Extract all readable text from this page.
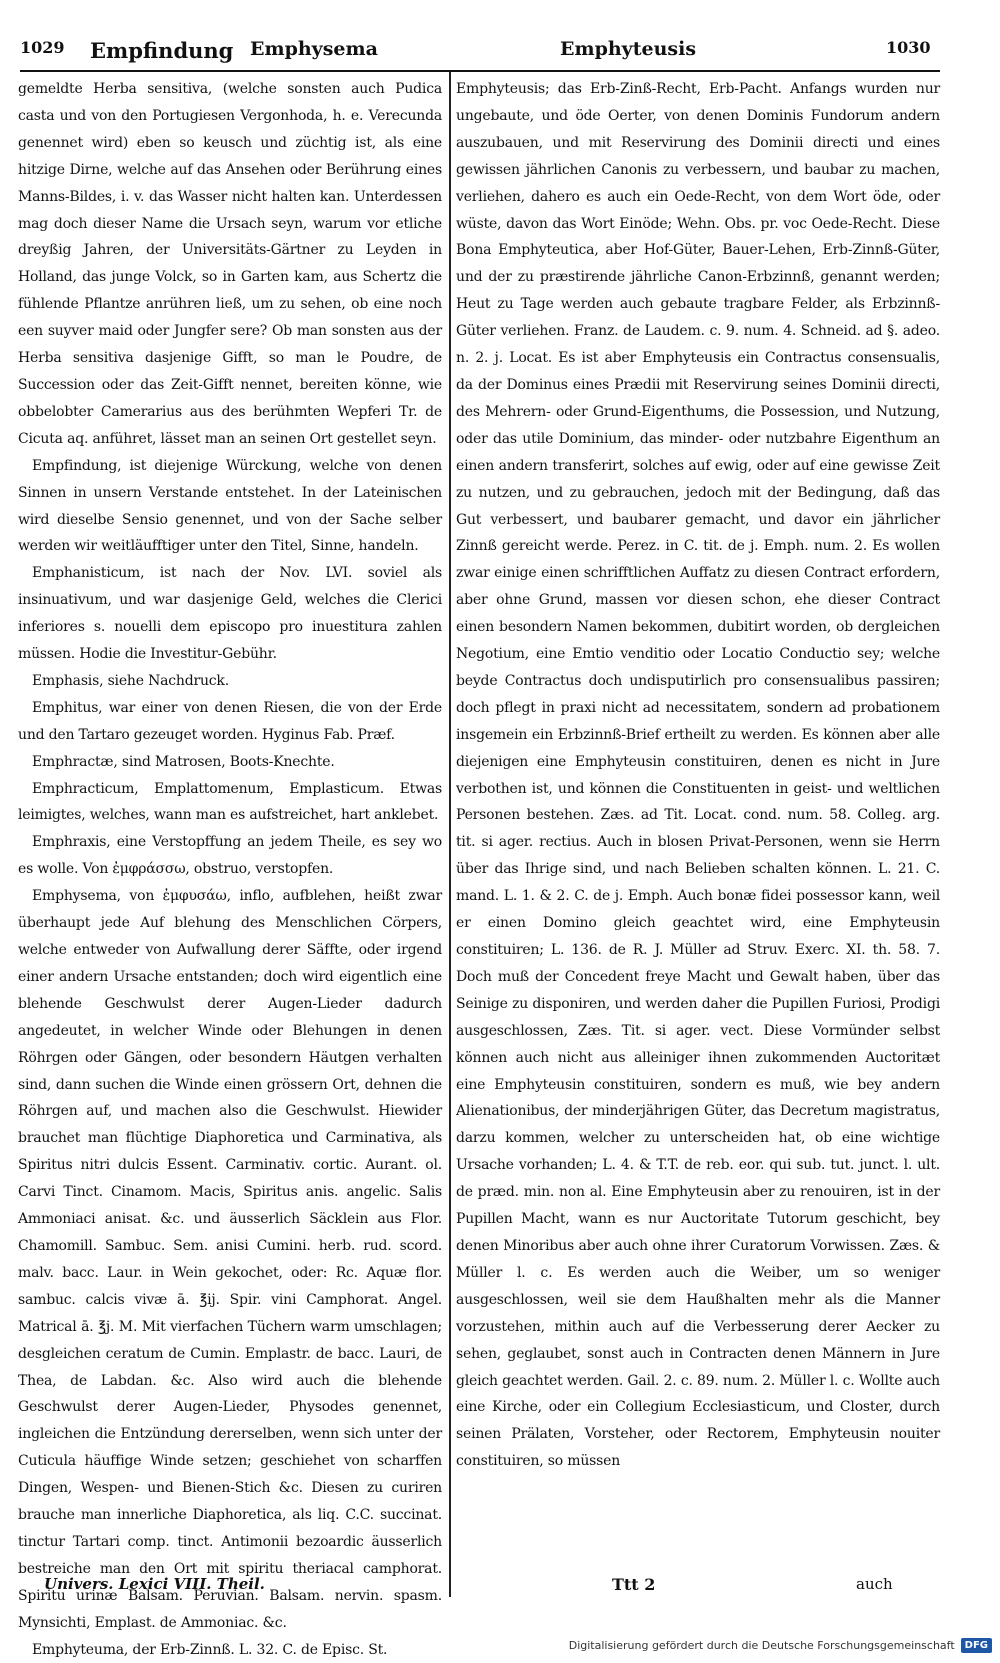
1029 Empfindung Emphysema	Emphyteusis	1030

gemeldte Herba sensitiva, (welche sonsten auch Pudica casta und von den Portugiesen Vergonhoda, h. e. Verecunda genennet wird) eben so keusch und züchtig ist, als eine hitzige Dirne, welche auf das Ansehen oder Berührung eines Manns-Bildes, i. v. das Wasser nicht halten kan. Unterdessen mag doch dieser Name die Ursach seyn, warum vor etliche dreyßig Jahren, der Universitäts-Gärtner zu Leyden in Holland, das junge Volck, so in Garten kam, aus Schertz die fühlende Pflantze anrühren ließ, um zu sehen, ob eine noch een suyver maid oder Jungfer sere? Ob man sonsten aus der Herba sensitiva dasjenige Gifft, so man le Poudre, de Succession oder das Zeit-Gifft nennet, bereiten könne, wie obbelobter Camerarius aus des berühmten Wepferi Tr. de Cicuta aq. anführet, lässet man an seinen Ort gestellet seyn.

Empfindung, ist diejenige Würckung, welche von denen Sinnen in unsern Verstande entstehet. In der Lateinischen wird dieselbe Sensio genennet, und von der Sache selber werden wir weitläufftiger unter den Titel, Sinne, handeln.

Emphanisticum, ist nach der Nov. LVI. soviel als insinuativum, und war dasjenige Geld, welches die Clerici inferiores s. nouelli dem episcopo pro inuestitura zahlen müssen. Hodie die Investitur-Gebühr.

Emphasis, siehe Nachdruck.

Emphitus, war einer von denen Riesen, die von der Erde und den Tartaro gezeuget worden. Hyginus Fab. Præf.

Emphractæ, sind Matrosen, Boots-Knechte.

Emphracticum, Emplattomenum, Emplasticum. Etwas leimigtes, welches, wann man es aufstreichet, hart anklebet.

Emphraxis, eine Verstopffung an jedem Theile, es sey wo es wolle. Von ἐμφράσσω, obstruo, verstopfen.

Emphysema, von ἐμφυσάω, inflo, aufblehen, heißt zwar überhaupt jede Auf blehung des Menschlichen Cörpers, welche entweder von Aufwallung derer Säffte, oder irgend einer andern Ursache entstanden; doch wird eigentlich eine blehende Geschwulst derer Augen-Lieder dadurch angedeutet, in welcher Winde oder Blehungen in denen Röhrgen oder Gängen, oder besondern Häutgen verhalten sind, dann suchen die Winde einen grössern Ort, dehnen die Röhrgen auf, und machen also die Geschwulst. Hiewider brauchet man flüchtige Diaphoretica und Carminativa, als Spiritus nitri dulcis Essent. Carminativ. cortic. Aurant. ol. Carvi Tinct. Cinamom. Macis, Spiritus anis. angelic. Salis Ammoniaci anisat. &c. und äusserlich Säcklein aus Flor. Chamomill. Sambuc. Sem. anisi Cumini. herb. rud. scord. malv. bacc. Laur. in Wein gekochet, oder: Rc. Aquæ flor. sambuc. calcis vivæ ā. ℥ij. Spir. vini Camphorat. Angel. Matrical ā. ℥j. M. Mit vierfachen Tüchern warm umschlagen; desgleichen ceratum de Cumin. Emplastr. de bacc. Lauri, de Thea, de Labdan. &c. Also wird auch die blehende Geschwulst derer Augen-Lieder, Physodes genennet, ingleichen die Entzündung dererselben, wenn sich unter der Cuticula häuffige Winde setzen; geschiehet von scharffen Dingen, Wespen- und Bienen-Stich &c. Diesen zu curiren brauche man innerliche Diaphoretica, als liq. C.C. succinat. tinctur Tartari comp. tinct. Antimonii bezoardic äusserlich bestreiche man den Ort mit spiritu theriacal camphorat. Spiritu urinæ Balsam. Peruvian. Balsam. nervin. spasm. Mynsichti, Emplast. de Ammoniac. &c.

Emphyteuma, der Erb-Zinnß. L. 32. C. de Episc. St.

Emphyteusis; das Erb-Zinß-Recht, Erb-Pacht. Anfangs wurden nur ungebaute, und öde Oerter, von denen Dominis Fundorum andern auszubauen, und mit Reservirung des Dominii directi und eines gewissen jährlichen Canonis zu verbessern, und baubar zu machen, verliehen, dahero es auch ein Oede-Recht, von dem Wort öde, oder wüste, davon das Wort Einöde; Wehn. Obs. pr. voc Oede-Recht. Diese Bona Emphyteutica, aber Hof-Güter, Bauer-Lehen, Erb-Zinnß-Güter, und der zu præstirende jährliche Canon-Erbzinnß, genannt werden; Heut zu Tage werden auch gebaute tragbare Felder, als Erbzinnß-Güter verliehen. Franz. de Laudem. c. 9. num. 4. Schneid. ad §. adeo. n. 2. j. Locat. Es ist aber Emphyteusis ein Contractus consensualis, da der Dominus eines Prædii mit Reservirung seines Dominii directi, des Mehrern- oder Grund-Eigenthums, die Possession, und Nutzung, oder das utile Dominium, das minder- oder nutzbahre Eigenthum an einen andern transferirt, solches auf ewig, oder auf eine gewisse Zeit zu nutzen, und zu gebrauchen, jedoch mit der Bedingung, daß das Gut verbessert, und baubarer gemacht, und davor ein jährlicher Zinnß gereicht werde. Perez. in C. tit. de j. Emph. num. 2. Es wollen zwar einige einen schrifftlichen Auffatz zu diesen Contract erfordern, aber ohne Grund, massen vor diesen schon, ehe dieser Contract einen besondern Namen bekommen, dubitirt worden, ob dergleichen Negotium, eine Emtio venditio oder Locatio Conductio sey; welche beyde Contractus doch undisputirlich pro consensualibus passiren; doch pflegt in praxi nicht ad necessitatem, sondern ad probationem insgemein ein Erbzinnß-Brief ertheilt zu werden. Es können aber alle diejenigen eine Emphyteusin constituiren, denen es nicht in Jure verbothen ist, und können die Constituenten in geist- und weltlichen Personen bestehen. Zæs. ad Tit. Locat. cond. num. 58. Colleg. arg. tit. si ager. rectius. Auch in blosen Privat-Personen, wenn sie Herrn über das Ihrige sind, und nach Belieben schalten können. L. 21. C. mand. L. 1. & 2. C. de j. Emph. Auch bonæ fidei possessor kann, weil er einen Domino gleich geachtet wird, eine Emphyteusin constituiren; L. 136. de R. J. Müller ad Struv. Exerc. XI. th. 58. 7. Doch muß der Concedent freye Macht und Gewalt haben, über das Seinige zu disponiren, und werden daher die Pupillen Furiosi, Prodigi ausgeschlossen, Zæs. Tit. si ager. vect. Diese Vormünder selbst können auch nicht aus alleiniger ihnen zukommenden Auctoritæt eine Emphyteusin constituiren, sondern es muß, wie bey andern Alienationibus, der minderjährigen Güter, das Decretum magistratus, darzu kommen, welcher zu unterscheiden hat, ob eine wichtige Ursache vorhanden; L. 4. & T.T. de reb. eor. qui sub. tut. junct. l. ult. de præd. min. non al. Eine Emphyteusin aber zu renouiren, ist in der Pupillen Macht, wann es nur Auctoritate Tutorum geschicht, bey denen Minoribus aber auch ohne ihrer Curatorum Vorwissen. Zæs. & Müller l. c. Es werden auch die Weiber, um so weniger ausgeschlossen, weil sie dem Haußhalten mehr als die Manner vorzustehen, mithin auch auf die Verbesserung derer Aecker zu sehen, geglaubet, sonst auch in Contracten denen Männern in Jure gleich geachtet werden. Gail. 2. c. 89. num. 2. Müller l. c. Wollte auch eine Kirche, oder ein Collegium Ecclesiasticum, und Closter, durch seinen Prälaten, Vorsteher, oder Rectorem, Emphyteusin nouiter constituiren, so müssen

Univers. Lexici VIII. Theil.	Ttt 2	auch
Digitalisierung gefördert durch die Deutsche Forschungsgemeinschaft	DFG
